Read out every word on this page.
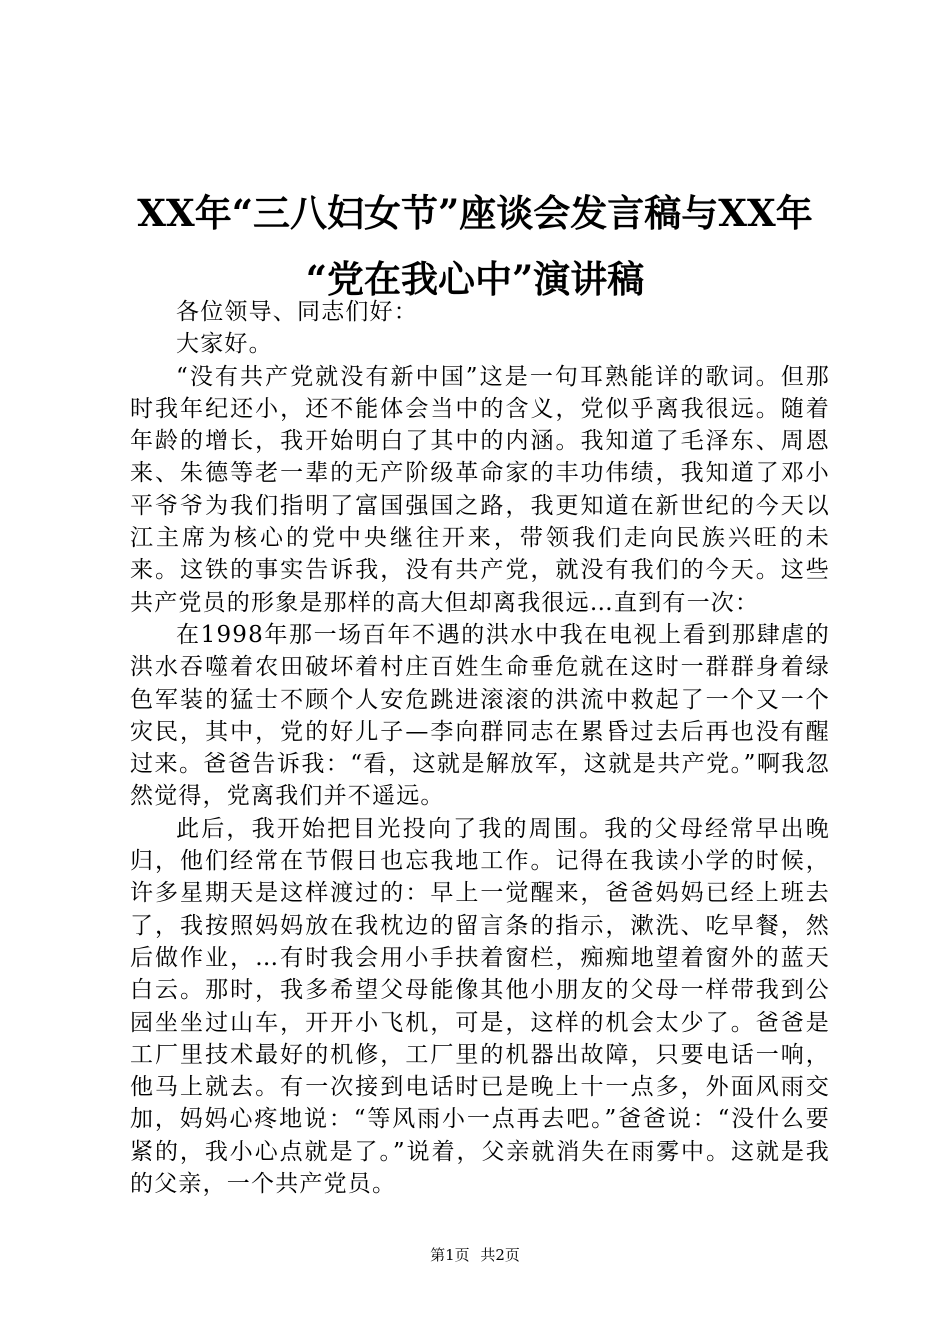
XX年“三八妇女节”座谈会发言稿与XX年
“党在我心中”演讲稿

各位领导、同志们好：

大家好。

“没有共产党就没有新中国”这是一句耳熟能详的歌词。但那时我年纪还小，还不能体会当中的含义，党似乎离我很远。随着年龄的增长，我开始明白了其中的内涵。我知道了毛泽东、周恩来、朱德等老一辈的无产阶级革命家的丰功伟绩，我知道了邓小平爷爷为我们指明了富国强国之路，我更知道在新世纪的今天以江主席为核心的党中央继往开来，带领我们走向民族兴旺的未来。这铁的事实告诉我，没有共产党，就没有我们的今天。这些共产党员的形象是那样的高大但却离我很远…直到有一次：

在1998年那一场百年不遇的洪水中我在电视上看到那肆虐的洪水吞噬着农田破坏着村庄百姓生命垂危就在这时一群群身着绿色军装的猛士不顾个人安危跳进滚滚的洪流中救起了一个又一个灾民，其中，党的好儿子—李向群同志在累昏过去后再也没有醒过来。爸爸告诉我：“看，这就是解放军，这就是共产党。”啊我忽然觉得，党离我们并不遥远。

此后，我开始把目光投向了我的周围。我的父母经常早出晚归，他们经常在节假日也忘我地工作。记得在我读小学的时候，许多星期天是这样渡过的：早上一觉醒来，爸爸妈妈已经上班去了，我按照妈妈放在我枕边的留言条的指示，漱洗、吃早餐，然后做作业，…有时我会用小手扶着窗栏，痴痴地望着窗外的蓝天白云。那时，我多希望父母能像其他小朋友的父母一样带我到公园坐坐过山车，开开小飞机，可是，这样的机会太少了。爸爸是工厂里技术最好的机修，工厂里的机器出故障，只要电话一响，他马上就去。有一次接到电话时已是晚上十一点多，外面风雨交加，妈妈心疼地说：“等风雨小一点再去吧。”爸爸说：“没什么要紧的，我小心点就是了。”说着，父亲就消失在雨雾中。这就是我的父亲，一个共产党员。

第1页 共2页
